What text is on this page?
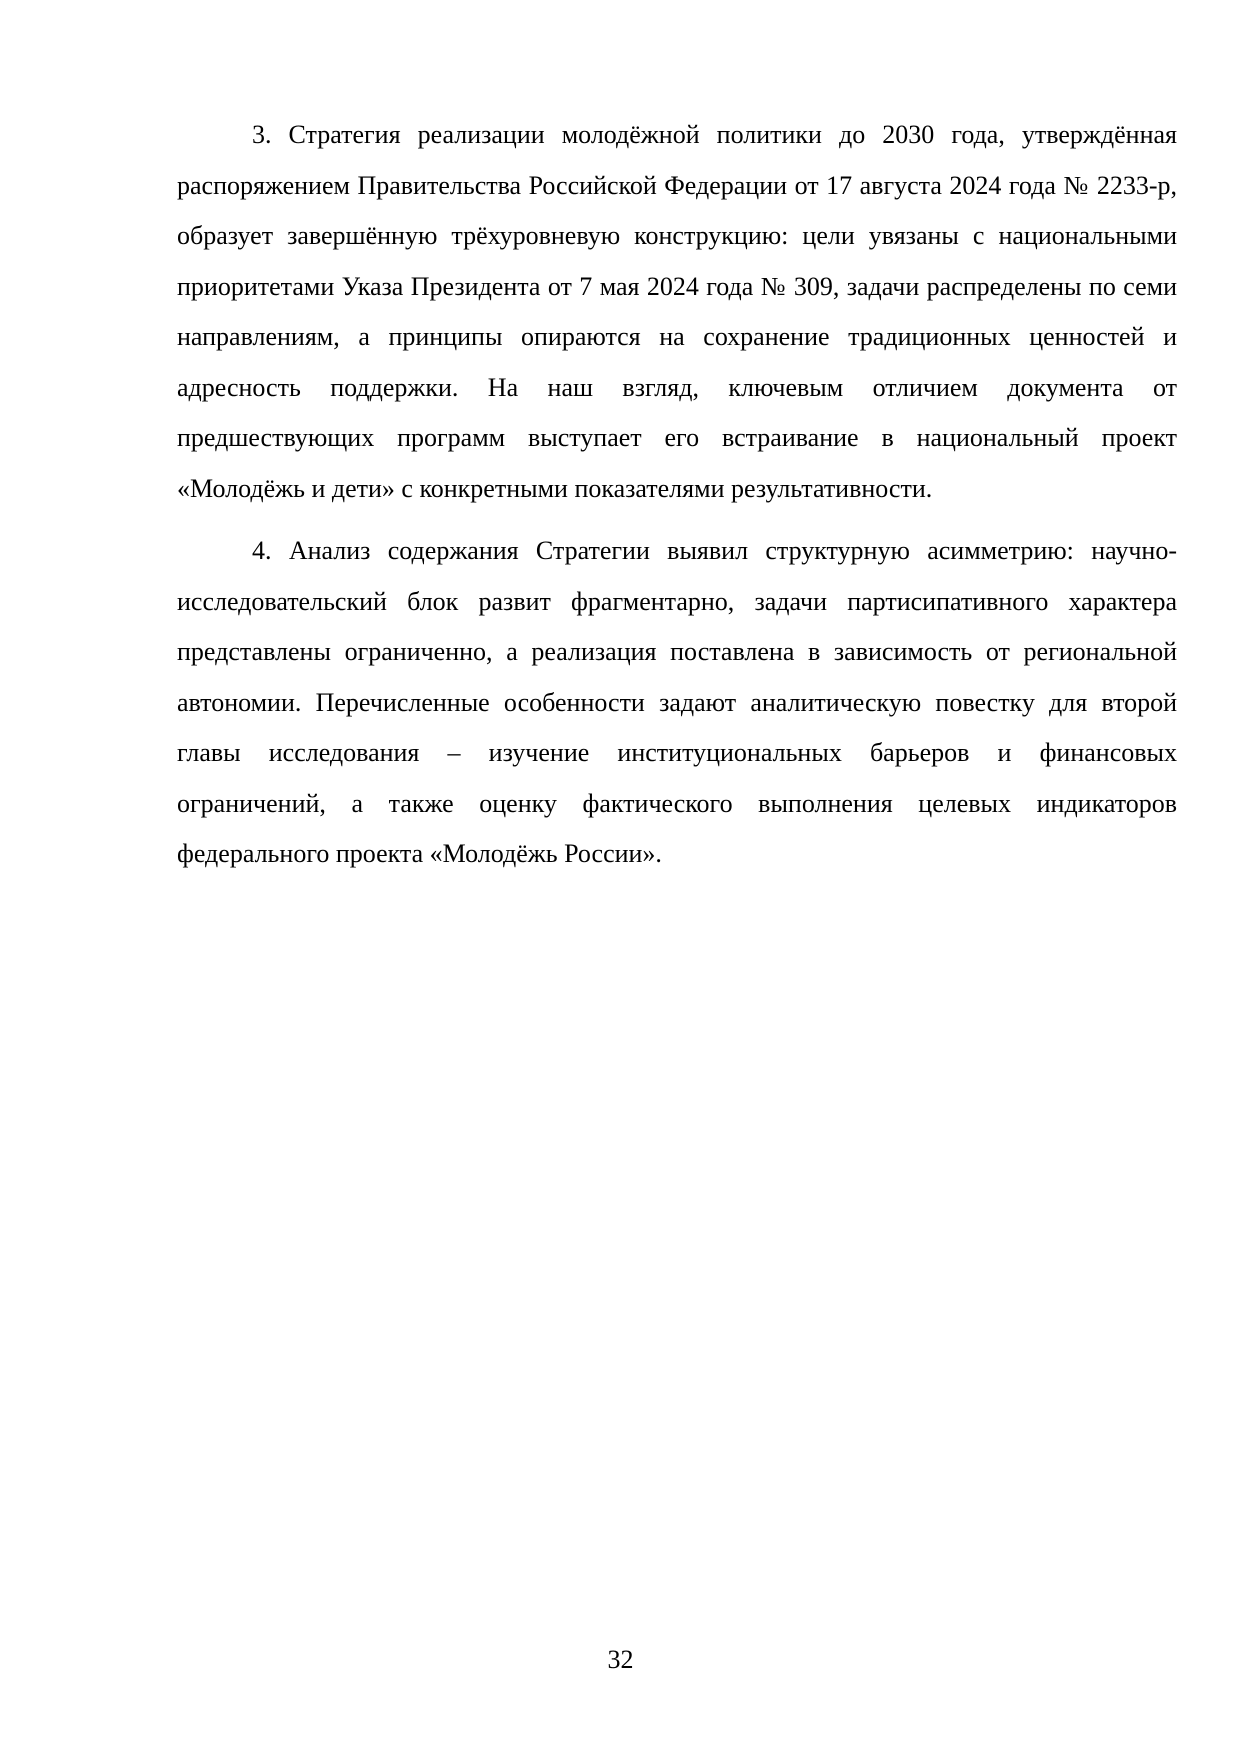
3. Стратегия реализации молодёжной политики до 2030 года, утверждённая распоряжением Правительства Российской Федерации от 17 августа 2024 года № 2233-р, образует завершённую трёхуровневую конструкцию: цели увязаны с национальными приоритетами Указа Президента от 7 мая 2024 года № 309, задачи распределены по семи направлениям, а принципы опираются на сохранение традиционных ценностей и адресность поддержки. На наш взгляд, ключевым отличием документа от предшествующих программ выступает его встраивание в национальный проект «Молодёжь и дети» с конкретными показателями результативности.

4. Анализ содержания Стратегии выявил структурную асимметрию: научно-исследовательский блок развит фрагментарно, задачи партисипативного характера представлены ограниченно, а реализация поставлена в зависимость от региональной автономии. Перечисленные особенности задают аналитическую повестку для второй главы исследования – изучение институциональных барьеров и финансовых ограничений, а также оценку фактического выполнения целевых индикаторов федерального проекта «Молодёжь России».

32
